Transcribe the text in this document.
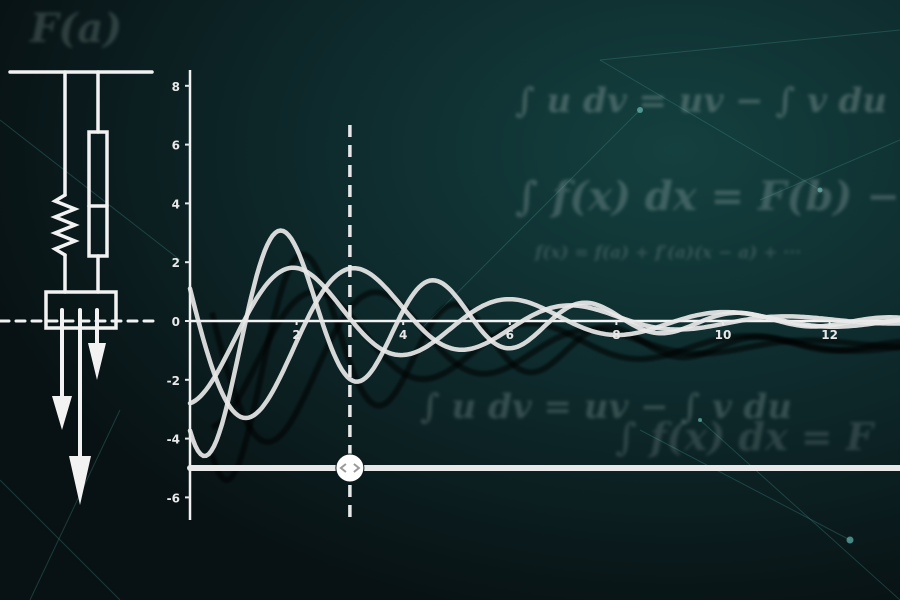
F(a)
∫ u dv = uv − ∫ v du
∫ f(x) dx = F(b) −
f(x) = f(a) + f′(a)(x − a) + ···
∫ u dv = uv − ∫ v du
∫ f(x) dx = F
8
6
4
2
0
-2
-4
-6
2	4	6	8	10	12
